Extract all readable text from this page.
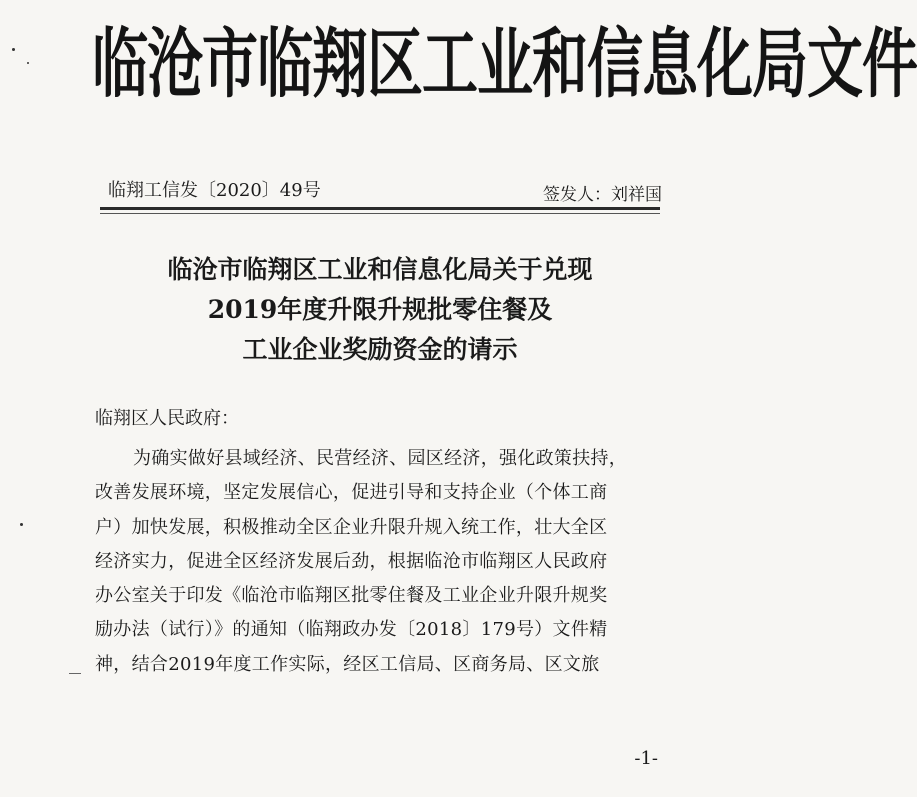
临沧市临翔区工业和信息化局文件
临翔工信发〔2020〕49号	签发人：刘祥国
临沧市临翔区工业和信息化局关于兑现
2019年度升限升规批零住餐及
工业企业奖励资金的请示
临翔区人民政府：
为确实做好县域经济、民营经济、园区经济，强化政策扶持，
改善发展环境，坚定发展信心，促进引导和支持企业（个体工商
户）加快发展，积极推动全区企业升限升规入统工作，壮大全区
经济实力，促进全区经济发展后劲，根据临沧市临翔区人民政府
办公室关于印发《临沧市临翔区批零住餐及工业企业升限升规奖
励办法（试行）》的通知（临翔政办发〔2018〕179号）文件精
神，结合2019年度工作实际，经区工信局、区商务局、区文旅
-1-
